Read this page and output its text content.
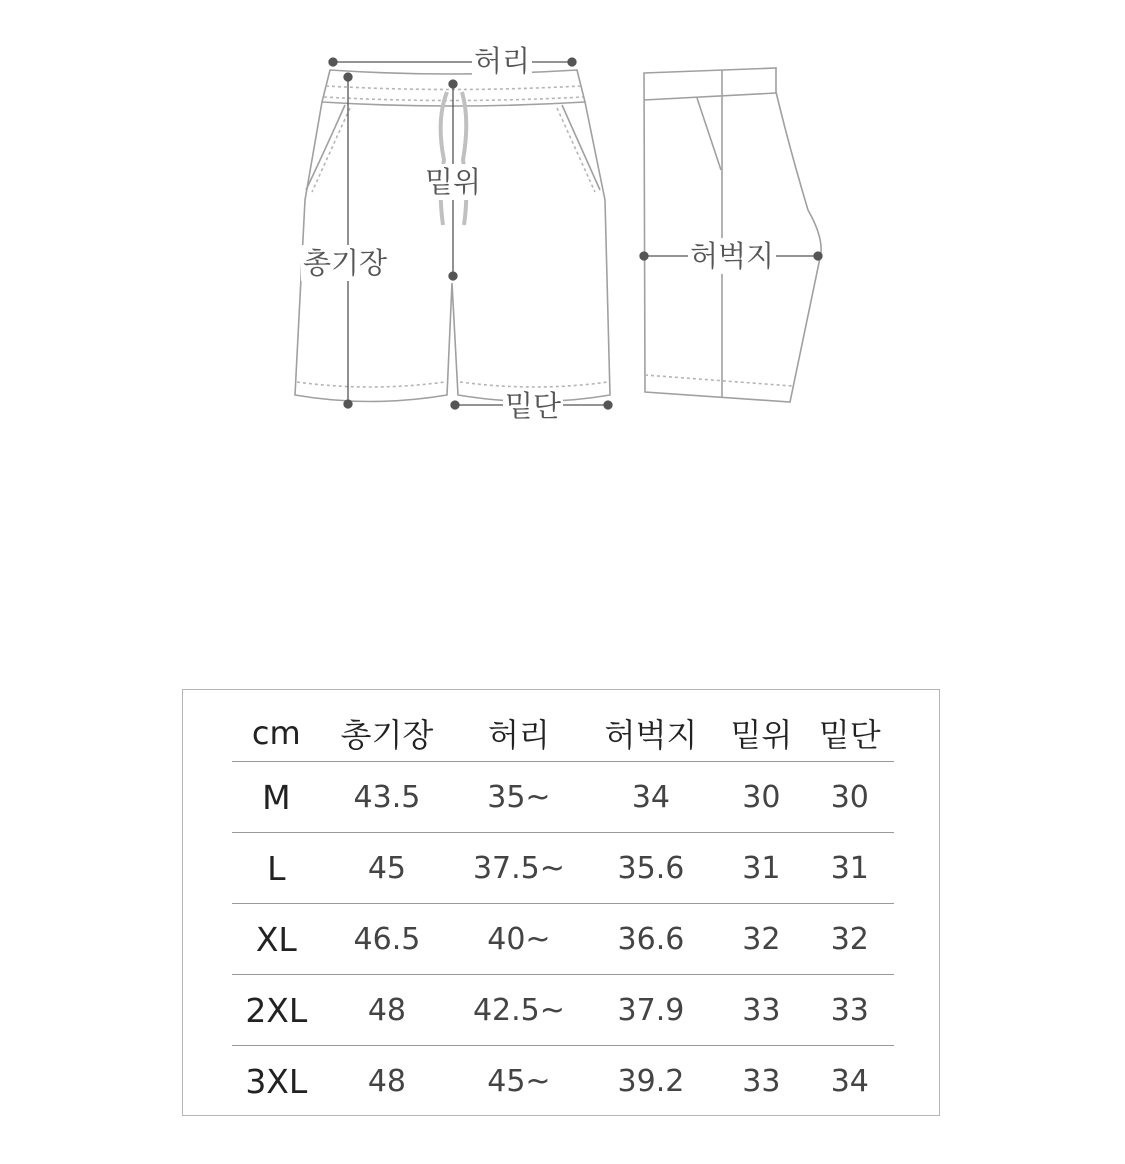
허리
밑위
총기장	허벅지
밑단
cm	총기장	허리	허벅지	밑위	밑단
M	43.5	35~	34	30	30
L	45	37.5~	35.6	31	31
XL	46.5	40~	36.6	32	32
2XL	48	42.5~	37.9	33	33
3XL	48	45~	39.2	33	34
